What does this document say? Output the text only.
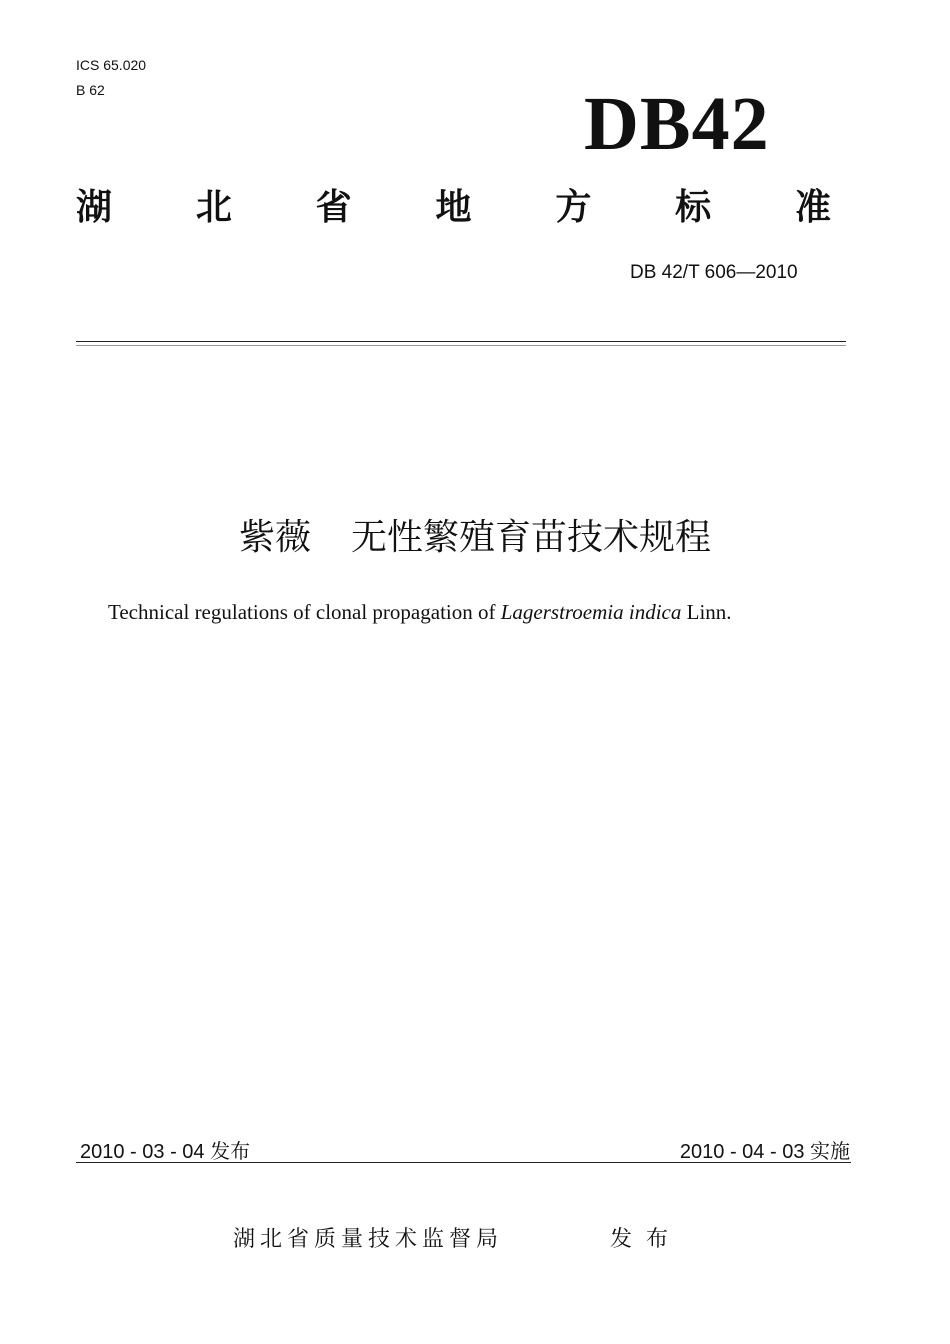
ICS 65.020
B 62	DB42
湖 北 省 地 方 标 准
DB 42/T 606—2010
紫薇 无性繁殖育苗技术规程
Technical regulations of clonal propagation of Lagerstroemia indica Linn.
2010 - 03 - 04 发布	2010 - 04 - 03 实施
湖北省质量技术监督局	发布
